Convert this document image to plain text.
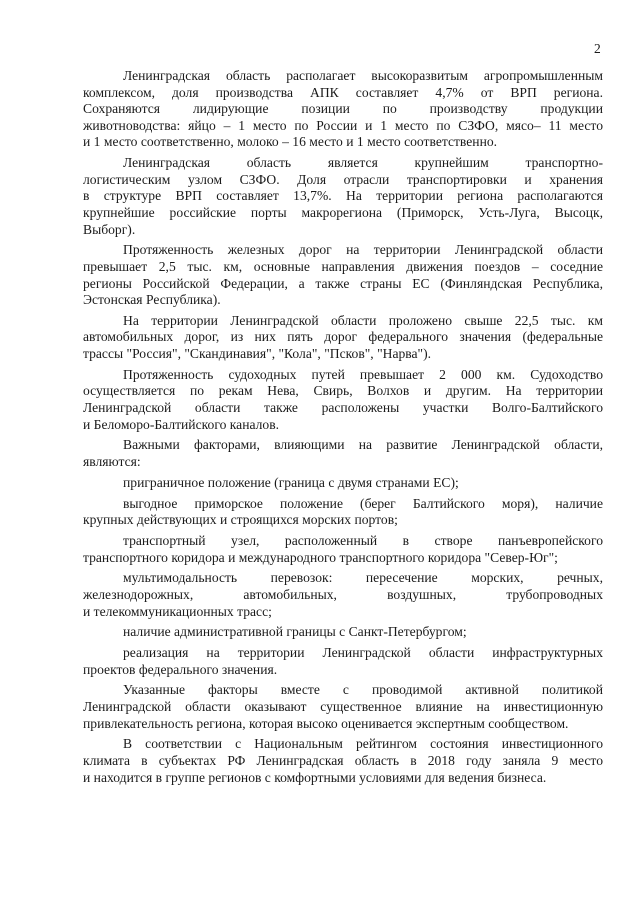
2
Ленинградская область располагает высокоразвитым агропромышленным
комплексом, доля производства АПК составляет 4,7% от ВРП региона.
Сохраняются лидирующие позиции по производству продукции
животноводства: яйцо – 1 место по России и 1 место по СЗФО, мясо– 11 место
и 1 место соответственно, молоко – 16 место и 1 место соответственно.
Ленинградская область является крупнейшим транспортно-
логистическим узлом СЗФО. Доля отрасли транспортировки и хранения
в структуре ВРП составляет 13,7%. На территории региона располагаются
крупнейшие российские порты макрорегиона (Приморск, Усть-Луга, Высоцк,
Выборг).
Протяженность железных дорог на территории Ленинградской области
превышает 2,5 тыс. км, основные направления движения поездов – соседние
регионы Российской Федерации, а также страны ЕС (Финляндская Республика,
Эстонская Республика).
На территории Ленинградской области проложено свыше 22,5 тыс. км
автомобильных дорог, из них пять дорог федерального значения (федеральные
трассы "Россия", "Скандинавия", "Кола", "Псков", "Нарва").
Протяженность судоходных путей превышает 2 000 км. Судоходство
осуществляется по рекам Нева, Свирь, Волхов и другим. На территории
Ленинградской области также расположены участки Волго-Балтийского
и Беломоро-Балтийского каналов.
Важными факторами, влияющими на развитие Ленинградской области,
являются:
приграничное положение (граница с двумя странами ЕС);
выгодное приморское положение (берег Балтийского моря), наличие
крупных действующих и строящихся морских портов;
транспортный узел, расположенный в створе панъевропейского
транспортного коридора и международного транспортного коридора "Север-Юг";
мультимодальность перевозок: пересечение морских, речных,
железнодорожных, автомобильных, воздушных, трубопроводных
и телекоммуникационных трасс;
наличие административной границы с Санкт-Петербургом;
реализация на территории Ленинградской области инфраструктурных
проектов федерального значения.
Указанные факторы вместе с проводимой активной политикой
Ленинградской области оказывают существенное влияние на инвестиционную
привлекательность региона, которая высоко оценивается экспертным сообществом.
В соответствии с Национальным рейтингом состояния инвестиционного
климата в субъектах РФ Ленинградская область в 2018 году заняла 9 место
и находится в группе регионов с комфортными условиями для ведения бизнеса.
